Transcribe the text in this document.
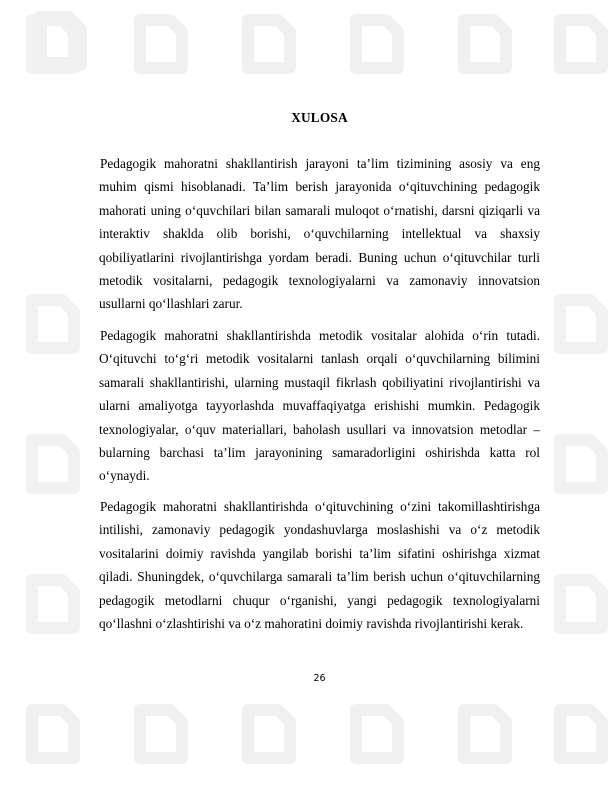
XULOSA

Pedagogik mahoratni shakllantirish jarayoni ta’lim tizimining asosiy va eng muhim qismi hisoblanadi. Ta’lim berish jarayonida o‘qituvchining pedagogik mahorati uning o‘quvchilari bilan samarali muloqot o‘rnatishi, darsni qiziqarli va interaktiv shaklda olib borishi, o‘quvchilarning intellektual va shaxsiy qobiliyatlarini rivojlantirishga yordam beradi. Buning uchun o‘qituvchilar turli metodik vositalarni, pedagogik texnologiyalarni va zamonaviy innovatsion usullarni qo‘llashlari zarur.

Pedagogik mahoratni shakllantirishda metodik vositalar alohida o‘rin tutadi. O‘qituvchi to‘g‘ri metodik vositalarni tanlash orqali o‘quvchilarning bilimini samarali shakllantirishi, ularning mustaqil fikrlash qobiliyatini rivojlantirishi va ularni amaliyotga tayyorlashda muvaffaqiyatga erishishi mumkin. Pedagogik texnologiyalar, o‘quv materiallari, baholash usullari va innovatsion metodlar – bularning barchasi ta’lim jarayonining samaradorligini oshirishda katta rol o‘ynaydi.

Pedagogik mahoratni shakllantirishda o‘qituvchining o‘zini takomillashtirishga intilishi, zamonaviy pedagogik yondashuvlarga moslashishi va o‘z metodik vositalarini doimiy ravishda yangilab borishi ta’lim sifatini oshirishga xizmat qiladi. Shuningdek, o‘quvchilarga samarali ta’lim berish uchun o‘qituvchilarning pedagogik metodlarni chuqur o‘rganishi, yangi pedagogik texnologiyalarni qo‘llashni o‘zlashtirishi va o‘z mahoratini doimiy ravishda rivojlantirishi kerak.

26
